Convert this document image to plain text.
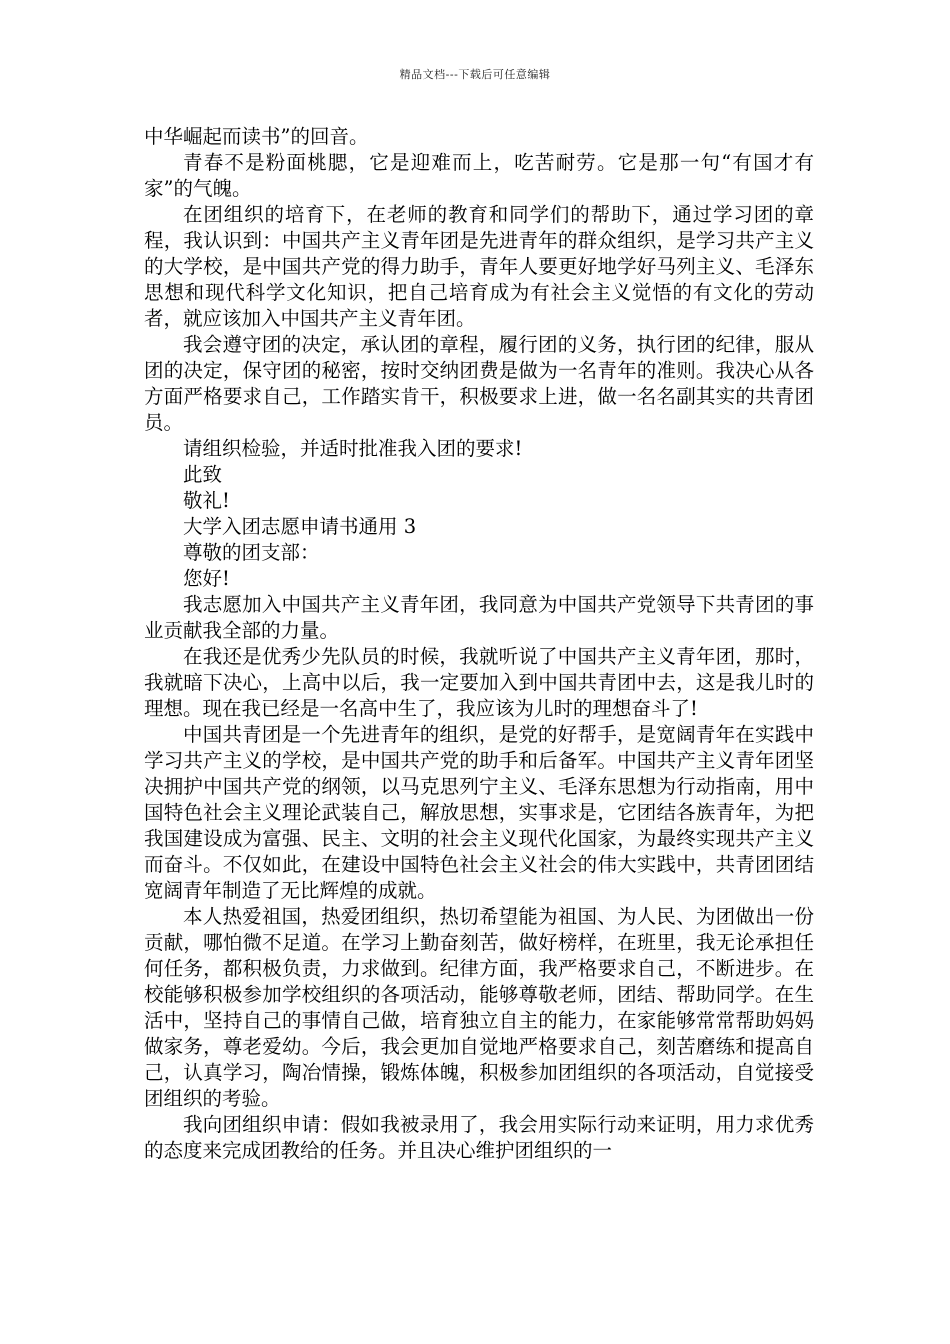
精品文档---下载后可任意编辑

中华崛起而读书”的回音。

青春不是粉面桃腮，它是迎难而上，吃苦耐劳。它是那一句“有国才有家”的气魄。

在团组织的培育下，在老师的教育和同学们的帮助下，通过学习团的章程，我认识到：中国共产主义青年团是先进青年的群众组织，是学习共产主义的大学校，是中国共产党的得力助手，青年人要更好地学好马列主义、毛泽东思想和现代科学文化知识，把自己培育成为有社会主义觉悟的有文化的劳动者，就应该加入中国共产主义青年团。

我会遵守团的决定，承认团的章程，履行团的义务，执行团的纪律，服从团的决定，保守团的秘密，按时交纳团费是做为一名青年的准则。我决心从各方面严格要求自己，工作踏实肯干，积极要求上进，做一名名副其实的共青团员。

请组织检验，并适时批准我入团的要求!

此致

敬礼!

大学入团志愿申请书通用 3

尊敬的团支部：

您好!

我志愿加入中国共产主义青年团，我同意为中国共产党领导下共青团的事业贡献我全部的力量。

在我还是优秀少先队员的时候，我就听说了中国共产主义青年团，那时，我就暗下决心，上高中以后，我一定要加入到中国共青团中去，这是我儿时的理想。现在我已经是一名高中生了，我应该为儿时的理想奋斗了!

中国共青团是一个先进青年的组织，是党的好帮手，是宽阔青年在实践中学习共产主义的学校，是中国共产党的助手和后备军。中国共产主义青年团坚决拥护中国共产党的纲领，以马克思列宁主义、毛泽东思想为行动指南，用中国特色社会主义理论武装自己，解放思想，实事求是，它团结各族青年，为把我国建设成为富强、民主、文明的社会主义现代化国家，为最终实现共产主义而奋斗。不仅如此，在建设中国特色社会主义社会的伟大实践中，共青团团结宽阔青年制造了无比辉煌的成就。

本人热爱祖国，热爱团组织，热切希望能为祖国、为人民、为团做出一份贡献，哪怕微不足道。在学习上勤奋刻苦，做好榜样，在班里，我无论承担任何任务，都积极负责，力求做到。纪律方面，我严格要求自己，不断进步。在校能够积极参加学校组织的各项活动，能够尊敬老师，团结、帮助同学。在生活中，坚持自己的事情自己做，培育独立自主的能力，在家能够常常帮助妈妈做家务，尊老爱幼。今后，我会更加自觉地严格要求自己，刻苦磨练和提高自己，认真学习，陶冶情操，锻炼体魄，积极参加团组织的各项活动，自觉接受团组织的考验。

我向团组织申请：假如我被录用了，我会用实际行动来证明，用力求优秀的态度来完成团教给的任务。并且决心维护团组织的一
